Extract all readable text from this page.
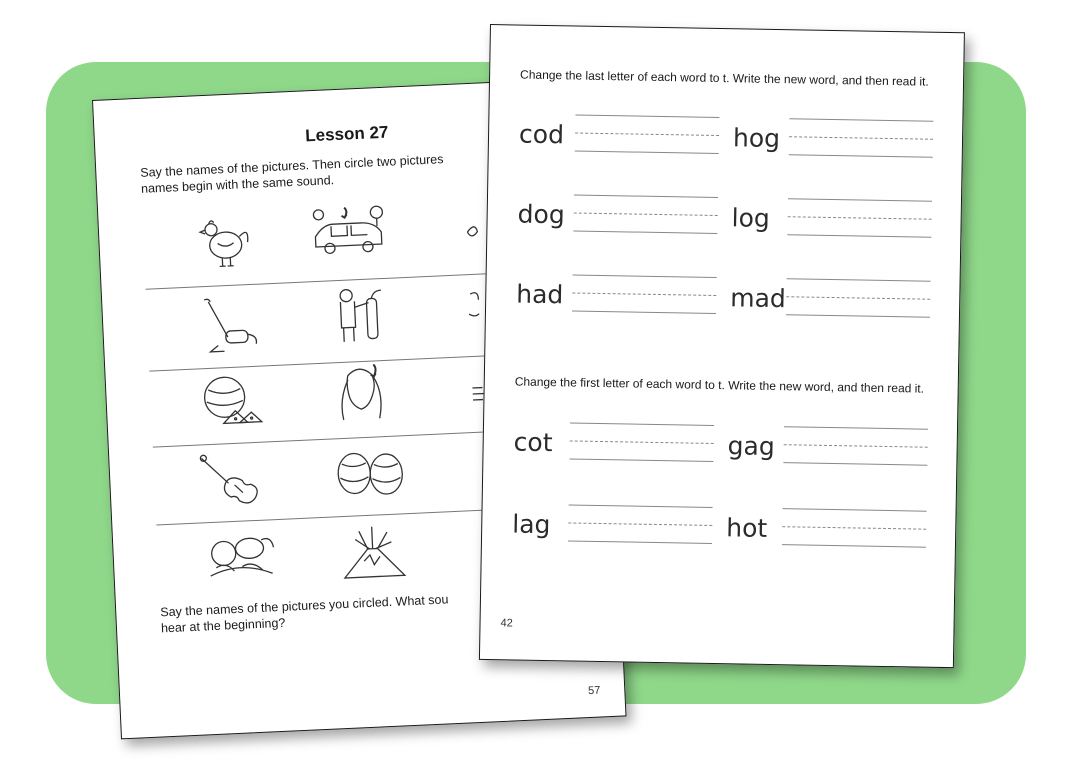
Lesson 27
Say the names of the pictures. Then circle two pictures
names begin with the same sound.
Say the names of the pictures you circled. What sou
hear at the beginning?
57
Change the last letter of each word to t. Write the new word, and then read it.
cod	hog
dog	log
had	mad
Change the first letter of each word to t. Write the new word, and then read it.
cot	gag
lag	hot
42
